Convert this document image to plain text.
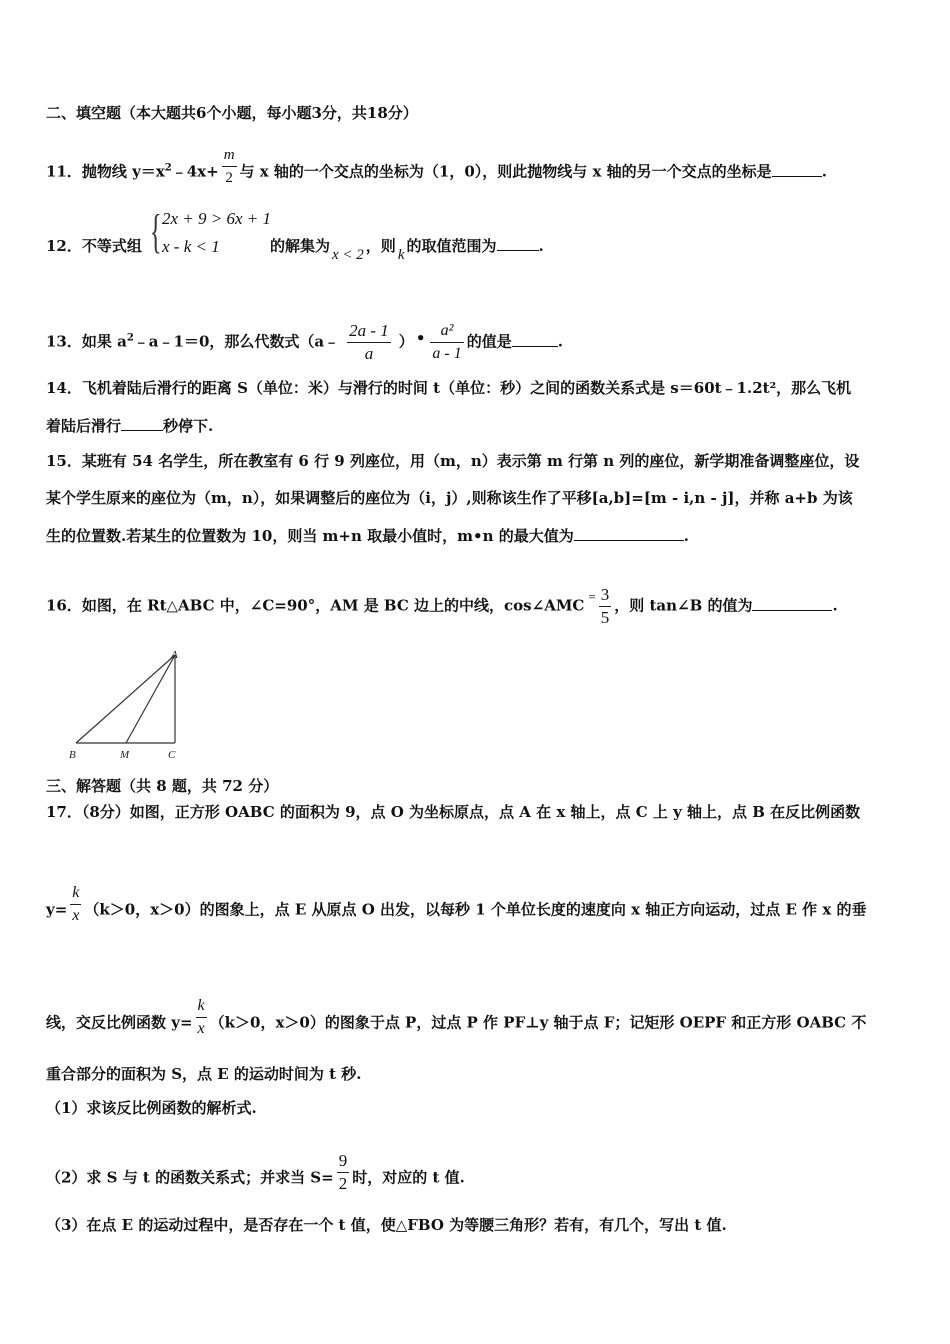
二、填空题（本大题共6个小题，每小题3分，共18分）
11．抛物线 $y=x^2﹣4x+ \frac{m}{2}$ 与 x 轴的一个交点的坐标为（1，0），则此抛物线与 x 轴的另一个交点的坐标是	.
12．不等式组 { 2x + 9 > 6x + 1
x - k < 1	的解集为 x < 2 ，则 k 的取值范围为	.
13．如果 $a^2﹣a﹣1=0$，那么代数式（a﹣ $\frac{2a - 1}{a}$ ） • $\frac{\text{a²}}{a - 1}$ 的值是	.
14．飞机着陆后滑行的距离 S（单位：米）与滑行的时间 t（单位：秒）之间的函数关系式是 s＝60t﹣1.2t²，那么飞机
着陆后滑行	秒停下.
15．某班有 54 名学生，所在教室有 6 行 9 列座位，用（m，n）表示第 m 行第 n 列的座位，新学期准备调整座位，设
某个学生原来的座位为（m，n），如果调整后的座位为（i，j）,则称该生作了平移[a,b]=[m - i,n - j]，并称 a+b 为该
生的位置数.若某生的位置数为 10，则当 m+n 取最小值时，m•n 的最大值为	.
16．如图，在 Rt△ABC 中，∠C=90°，AM 是 BC 边上的中线，cos∠AMC= $\frac{3}{5}$ ，则 tan∠B 的值为	.
A
B	M	C
三、解答题（共 8 题，共 72 分）
17．（8分）如图，正方形 OABC 的面积为 9，点 O 为坐标原点，点 A 在 x 轴上，点 C 上 y 轴上，点 B 在反比例函数
$y= \frac{k}{x} (k>0$，x＞0）的图象上，点 E 从原点 O 出发，以每秒 1 个单位长度的速度向 x 轴正方向运动，过点 E 作 x 的垂
线，交反比例函数 $y= \frac{k}{x} (k>0$，x＞0）的图象于点 P，过点 P 作 PF⊥y 轴于点 F；记矩形 OEPF 和正方形 OABC 不
重合部分的面积为 S，点 E 的运动时间为 t 秒.
（1）求该反比例函数的解析式.
（2）求 S 与 t 的函数关系式；并求当 $S= \frac{9}{2}$ 时，对应的 t 值.
（3）在点 E 的运动过程中，是否存在一个 t 值，使△FBO 为等腰三角形？若有，有几个，写出 t 值.
